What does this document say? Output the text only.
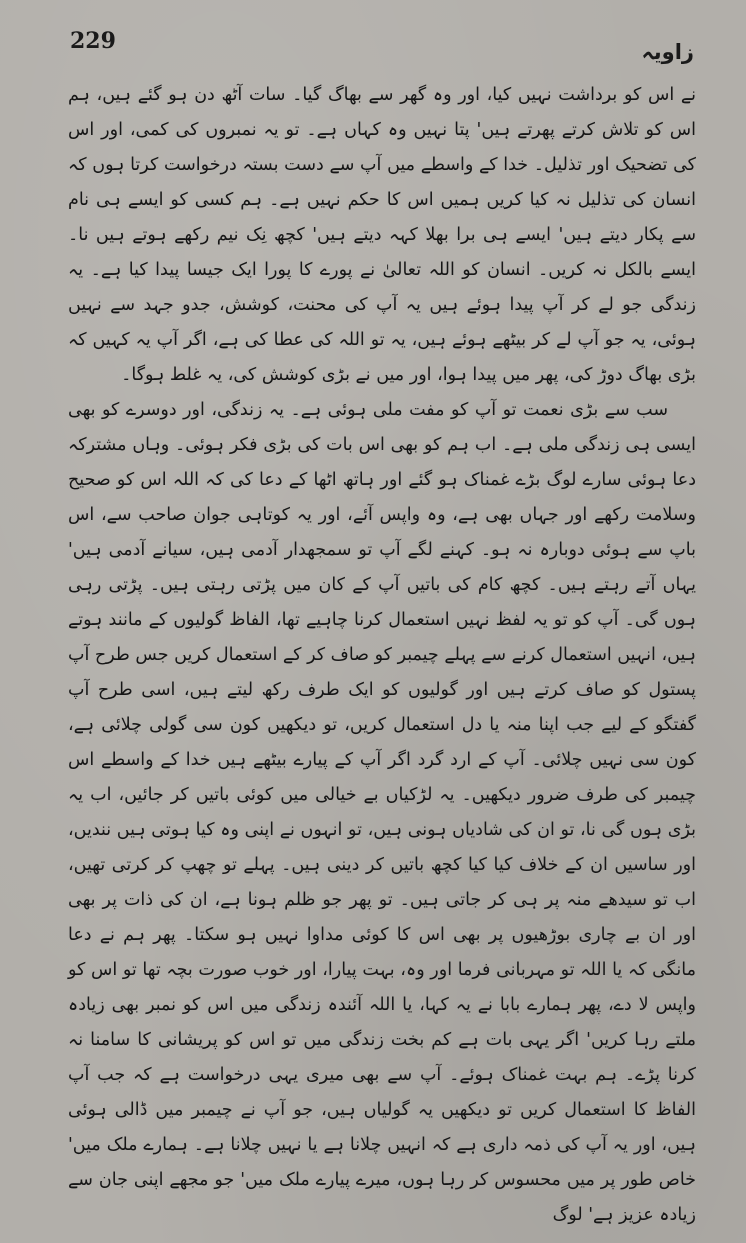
229	زاویہ

نے اس کو برداشت نہیں کیا، اور وہ گھر سے بھاگ گیا۔ سات آٹھ دن ہو گئے ہیں، ہم اس کو تلاش کرتے پھرتے ہیں' پتا نہیں وہ کہاں ہے۔ تو یہ نمبروں کی کمی، اور اس کی تضحیک اور تذلیل۔ خدا کے واسطے میں آپ سے دست بستہ درخواست کرتا ہوں کہ انسان کی تذلیل نہ کیا کریں ہمیں اس کا حکم نہیں ہے۔ ہم کسی کو ایسے ہی نام سے پکار دیتے ہیں' ایسے ہی برا بھلا کہہ دیتے ہیں' کچھ نِک نیم رکھے ہوتے ہیں نا۔ ایسے بالکل نہ کریں۔ انسان کو اللہ تعالیٰ نے پورے کا پورا ایک جیسا پیدا کیا ہے۔ یہ زندگی جو لے کر آپ پیدا ہوئے ہیں یہ آپ کی محنت، کوشش، جدو جہد سے نہیں ہوئی، یہ جو آپ لے کر بیٹھے ہوئے ہیں، یہ تو اللہ کی عطا کی ہے، اگر آپ یہ کہیں کہ بڑی بھاگ دوڑ کی، پھر میں پیدا ہوا، اور میں نے بڑی کوشش کی، یہ غلط ہوگا۔

سب سے بڑی نعمت تو آپ کو مفت ملی ہوئی ہے۔ یہ زندگی، اور دوسرے کو بھی ایسی ہی زندگی ملی ہے۔ اب ہم کو بھی اس بات کی بڑی فکر ہوئی۔ وہاں مشترکہ دعا ہوئی سارے لوگ بڑے غمناک ہو گئے اور ہاتھ اٹھا کے دعا کی کہ اللہ اس کو صحیح وسلامت رکھے اور جہاں بھی ہے، وہ واپس آئے، اور یہ کوتاہی جوان صاحب سے، اس باپ سے ہوئی دوبارہ نہ ہو۔ کہنے لگے آپ تو سمجھدار آدمی ہیں، سیانے آدمی ہیں' یہاں آتے رہتے ہیں۔ کچھ کام کی باتیں آپ کے کان میں پڑتی رہتی ہیں۔ پڑتی رہی ہوں گی۔ آپ کو تو یہ لفظ نہیں استعمال کرنا چاہیے تھا، الفاظ گولیوں کے مانند ہوتے ہیں، انہیں استعمال کرنے سے پہلے چیمبر کو صاف کر کے استعمال کریں جس طرح آپ پستول کو صاف کرتے ہیں اور گولیوں کو ایک طرف رکھ لیتے ہیں، اسی طرح آپ گفتگو کے لیے جب اپنا منہ یا دل استعمال کریں، تو دیکھیں کون سی گولی چلائی ہے، کون سی نہیں چلائی۔ آپ کے ارد گرد اگر آپ کے پیارے بیٹھے ہیں خدا کے واسطے اس چیمبر کی طرف ضرور دیکھیں۔ یہ لڑکیاں بے خیالی میں کوئی باتیں کر جائیں، اب یہ بڑی ہوں گی نا، تو ان کی شادیاں ہونی ہیں، تو انہوں نے اپنی وہ کیا ہوتی ہیں نندیں، اور ساسیں ان کے خلاف کیا کیا کچھ باتیں کر دینی ہیں۔ پہلے تو چھپ کر کرتی تھیں، اب تو سیدھے منہ پر ہی کر جاتی ہیں۔ تو پھر جو ظلم ہونا ہے، ان کی ذات پر بھی اور ان بے چاری بوڑھیوں پر بھی اس کا کوئی مداوا نہیں ہو سکتا۔ پھر ہم نے دعا مانگی کہ یا اللہ تو مہربانی فرما اور وہ، بہت پیارا، اور خوب صورت بچہ تھا تو اس کو واپس لا دے، پھر ہمارے بابا نے یہ کہا، یا اللہ آئندہ زندگی میں اس کو نمبر بھی زیادہ ملتے رہا کریں' اگر یہی بات ہے کم بخت زندگی میں تو اس کو پریشانی کا سامنا نہ کرنا پڑے۔ ہم بہت غمناک ہوئے۔ آپ سے بھی میری یہی درخواست ہے کہ جب آپ الفاظ کا استعمال کریں تو دیکھیں یہ گولیاں ہیں، جو آپ نے چیمبر میں ڈالی ہوئی ہیں، اور یہ آپ کی ذمہ داری ہے کہ انہیں چلانا ہے یا نہیں چلانا ہے۔ ہمارے ملک میں' خاص طور پر میں محسوس کر رہا ہوں، میرے پیارے ملک میں' جو مجھے اپنی جان سے زیادہ عزیز ہے' لوگ
